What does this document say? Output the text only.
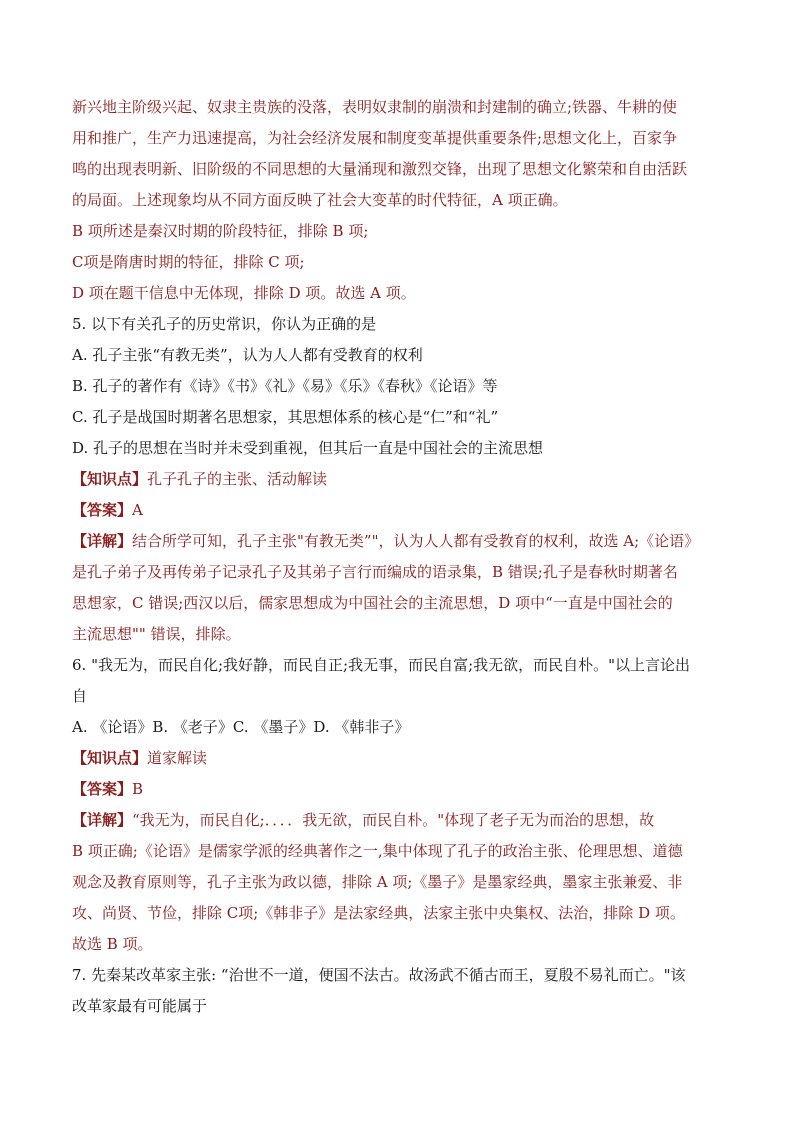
新兴地主阶级兴起、奴隶主贵族的没落，表明奴隶制的崩溃和封建制的确立;铁器、牛耕的使

用和推广，生产力迅速提高，为社会经济发展和制度变革提供重要条件;思想文化上，百家争

鸣的出现表明新、旧阶级的不同思想的大量涌现和激烈交锋，出现了思想文化繁荣和自由活跃

的局面。上述现象均从不同方面反映了社会大变革的时代特征，A 项正确。

B 项所述是秦汉时期的阶段特征，排除 B 项;

C项是隋唐时期的特征，排除 C 项;

D 项在题干信息中无体现，排除 D 项。故选 A 项。

5. 以下有关孔子的历史常识，你认为正确的是

A. 孔子主张“有教无类”，认为人人都有受教育的权利

B. 孔子的著作有《诗》《书》《礼》《易》《乐》《春秋》《论语》等

C. 孔子是战国时期著名思想家，其思想体系的核心是“仁”和“礼”

D. 孔子的思想在当时并未受到重视，但其后一直是中国社会的主流思想

【知识点】孔子孔子的主张、活动解读

【答案】A

【详解】结合所学可知，孔子主张"有教无类”"，认为人人都有受教育的权利，故选 A;《论语》

是孔子弟子及再传弟子记录孔子及其弟子言行而编成的语录集，B 错误;孔子是春秋时期著名

思想家，C 错误;西汉以后，儒家思想成为中国社会的主流思想，D 项中“一直是中国社会的

主流思想"" 错误，排除。

6. "我无为，而民自化;我好静，而民自正;我无事，而民自富;我无欲，而民自朴。"以上言论出

自

A. 《论语》B. 《老子》C. 《墨子》D. 《韩非子》

【知识点】道家解读

【答案】B

【详解】“我无为，而民自化;．．．．我无欲，而民自朴。"体现了老子无为而治的思想，故

B 项正确;《论语》是儒家学派的经典著作之一,集中体现了孔子的政治主张、伦理思想、道德

观念及教育原则等，孔子主张为政以德，排除 A 项;《墨子》是墨家经典，墨家主张兼爱、非

攻、尚贤、节俭，排除 C项;《韩非子》是法家经典，法家主张中央集权、法治，排除 D 项。

故选 B 项。

7. 先秦某改革家主张: “治世不一道，便国不法古。故汤武不循古而王，夏殷不易礼而亡。"该

改革家最有可能属于
